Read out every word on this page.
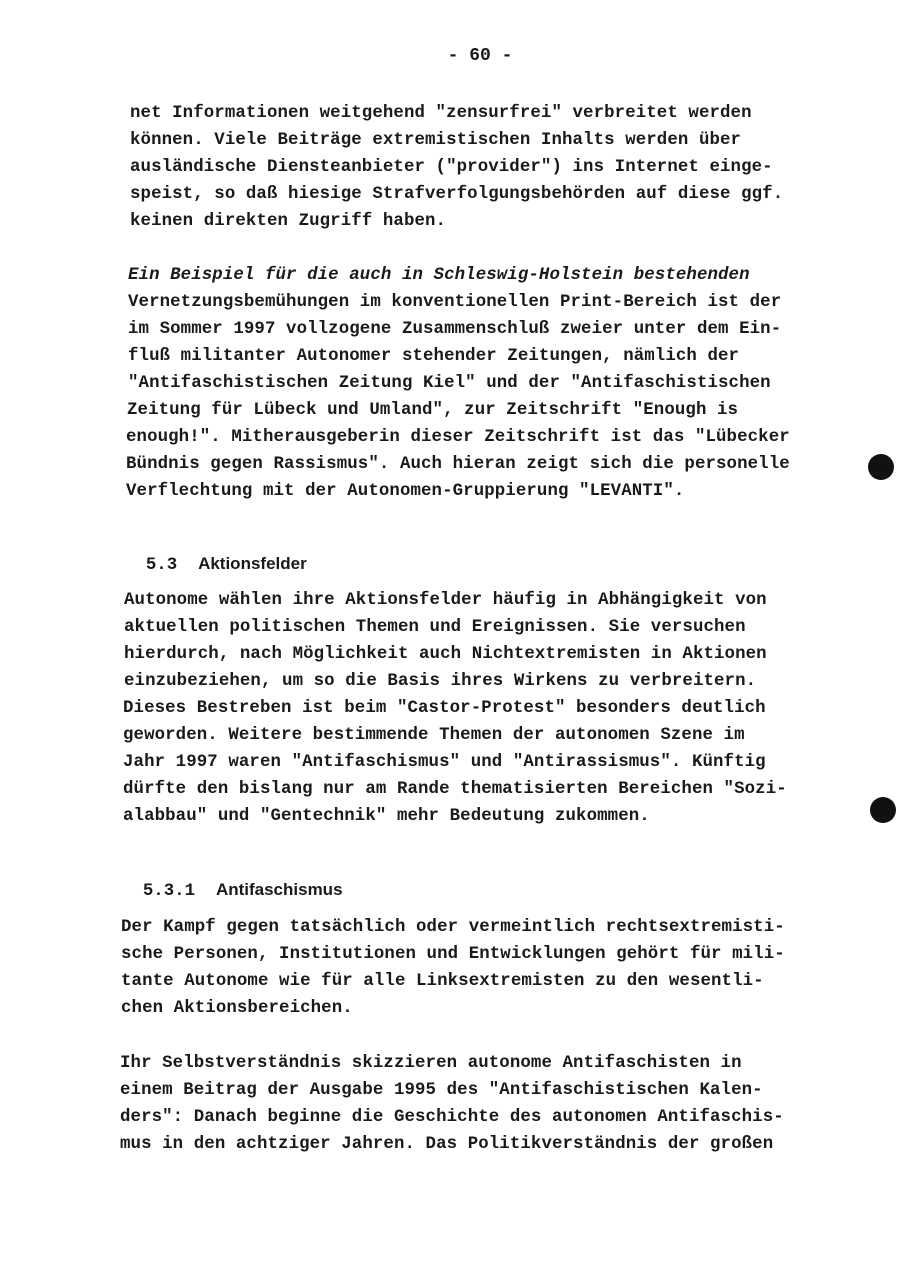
- 60 -
net Informationen weitgehend "zensurfrei" verbreitet werden
können. Viele Beiträge extremistischen Inhalts werden über
ausländische Diensteanbieter ("provider") ins Internet einge-
speist, so daß hiesige Strafverfolgungsbehörden auf diese ggf.
keinen direkten Zugriff haben.
Ein Beispiel für die auch in Schleswig-Holstein bestehenden
Vernetzungsbemühungen im konventionellen Print-Bereich ist der
im Sommer 1997 vollzogene Zusammenschluß zweier unter dem Ein-
fluß militanter Autonomer stehender Zeitungen, nämlich der
"Antifaschistischen Zeitung Kiel" und der "Antifaschistischen
Zeitung für Lübeck und Umland", zur Zeitschrift "Enough is
enough!". Mitherausgeberin dieser Zeitschrift ist das "Lübecker
Bündnis gegen Rassismus". Auch hieran zeigt sich die personelle
Verflechtung mit der Autonomen-Gruppierung "LEVANTI".

5.3 Aktionsfelder

Autonome wählen ihre Aktionsfelder häufig in Abhängigkeit von
aktuellen politischen Themen und Ereignissen. Sie versuchen
hierdurch, nach Möglichkeit auch Nichtextremisten in Aktionen
einzubeziehen, um so die Basis ihres Wirkens zu verbreitern.
Dieses Bestreben ist beim "Castor-Protest" besonders deutlich
geworden. Weitere bestimmende Themen der autonomen Szene im
Jahr 1997 waren "Antifaschismus" und "Antirassismus". Künftig
dürfte den bislang nur am Rande thematisierten Bereichen "Sozi-
alabbau" und "Gentechnik" mehr Bedeutung zukommen.

5.3.1 Antifaschismus

Der Kampf gegen tatsächlich oder vermeintlich rechtsextremisti-
sche Personen, Institutionen und Entwicklungen gehört für mili-
tante Autonome wie für alle Linksextremisten zu den wesentli-
chen Aktionsbereichen.
Ihr Selbstverständnis skizzieren autonome Antifaschisten in
einem Beitrag der Ausgabe 1995 des "Antifaschistischen Kalen-
ders": Danach beginne die Geschichte des autonomen Antifaschis-
mus in den achtziger Jahren. Das Politikverständnis der großen
